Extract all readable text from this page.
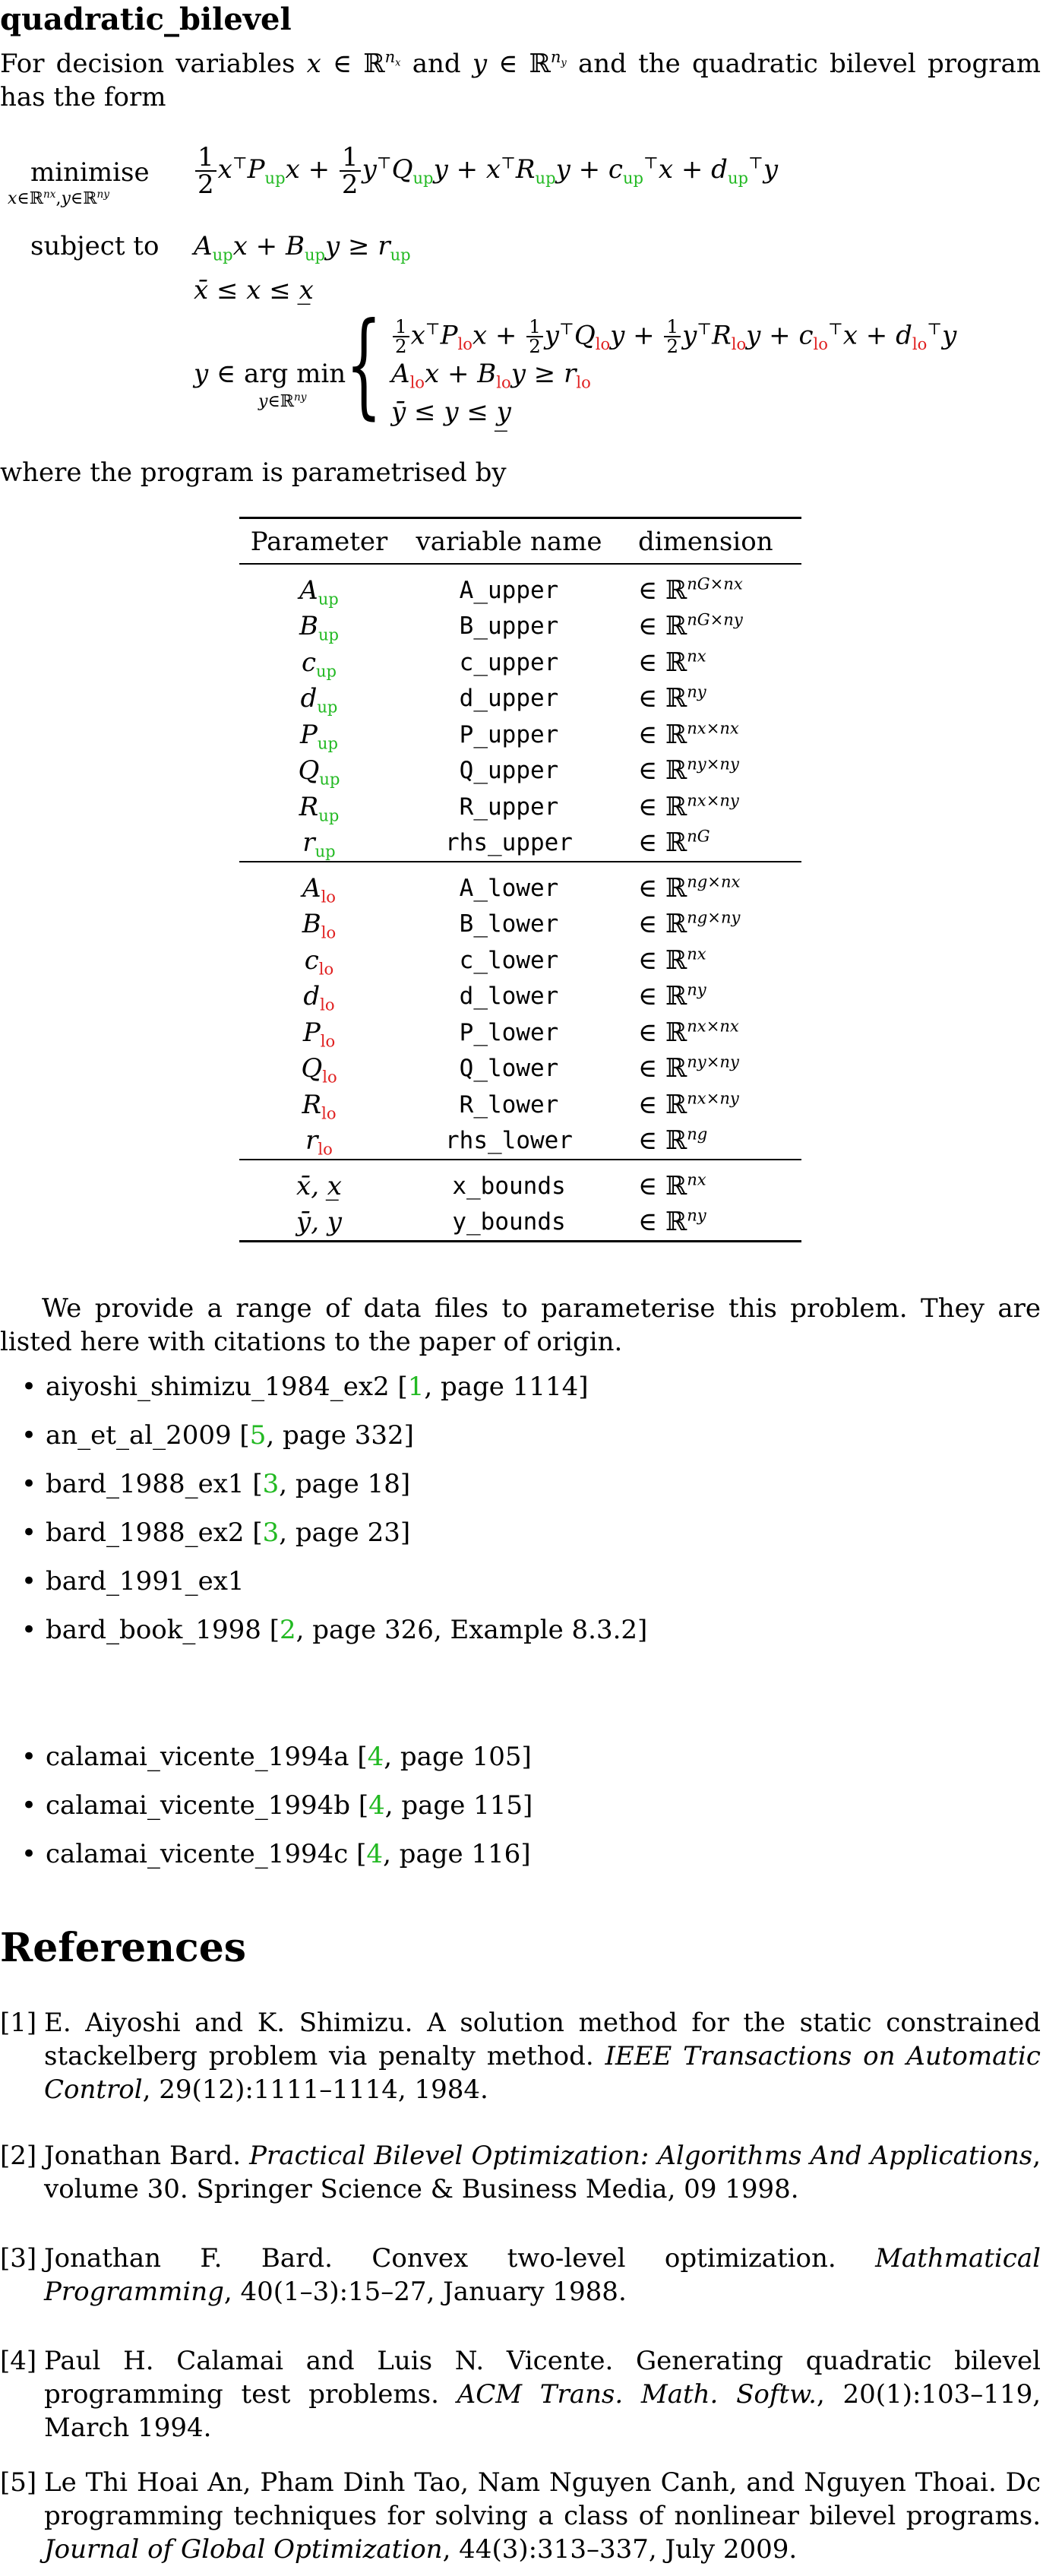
quadratic_bilevel
For decision variables x ∈ ℝ$^{n_x}$ and y ∈ ℝ$^{n_y}$ and the quadratic bilevel program has the form
minimise
x∈ℝ$^{nx}$,y∈ℝ$^{ny}$	$\frac{1}{2} x^⊤P_{up}x + \frac{1}{2} y^⊤Q_{up}y + x^⊤R_{up}y + c_{up}^⊤x + d_{up}^⊤y$
subject to $A_{up}x + B_{up}y \ge r_{up}$
x̄ ≤ x ≤ x̲
y ∈ arg min
y∈ℝ$^{ny}$ { $\frac{1}{2} x^⊤P_{lo}x + \frac{1}{2} y^⊤Q_{lo}y + \frac{1}{2} y^⊤R_{lo}y + c_{lo}^⊤x + d_{lo}^⊤y$
$A_{lo}x + B_{lo}y \ge r_{lo}$
ȳ ≤ y ≤ y̲
where the program is parametrised by
Parameter	variable name	dimension
$A_{up}$	A_upper	∈ ℝ$^{nG\times nx}$
$B_{up}$	B_upper	∈ ℝ$^{nG\times ny}$
$c_{up}$	c_upper	∈ ℝ$^{nx}$
$d_{up}$	d_upper	∈ ℝ$^{ny}$
$P_{up}$	P_upper	∈ ℝ$^{nx\times nx}$
$Q_{up}$	Q_upper	∈ ℝ$^{ny\times ny}$
$R_{up}$	R_upper	∈ ℝ$^{nx\times ny}$
$r_{up}$	rhs_upper	∈ ℝ$^{nG}$
$A_{lo}$	A_lower	∈ ℝ$^{ng\times nx}$
$B_{lo}$	B_lower	∈ ℝ$^{ng\times ny}$
$c_{lo}$	c_lower	∈ ℝ$^{nx}$
$d_{lo}$	d_lower	∈ ℝ$^{ny}$
$P_{lo}$	P_lower	∈ ℝ$^{nx\times nx}$
$Q_{lo}$	Q_lower	∈ ℝ$^{ny\times ny}$
$R_{lo}$	R_lower	∈ ℝ$^{nx\times ny}$
$r_{lo}$	rhs_lower	∈ ℝ$^{ng}$
x̄, x̲	x_bounds	∈ ℝ$^{nx}$
ȳ, y̲	y_bounds	∈ ℝ$^{ny}$
We provide a range of data files to parameterise this problem. They are listed here with citations to the paper of origin.
• aiyoshi_shimizu_1984_ex2 [1, page 1114]
• an_et_al_2009 [5, page 332]
• bard_1988_ex1 [3, page 18]
• bard_1988_ex2 [3, page 23]
• bard_1991_ex1
• bard_book_1998 [2, page 326, Example 8.3.2]
• calamai_vicente_1994a [4, page 105]
• calamai_vicente_1994b [4, page 115]
• calamai_vicente_1994c [4, page 116]
References
[1] E. Aiyoshi and K. Shimizu. A solution method for the static constrained stackelberg problem via penalty method. IEEE Transactions on Automatic Control, 29(12):1111–1114, 1984.
[2] Jonathan Bard. Practical Bilevel Optimization: Algorithms And Applications, volume 30. Springer Science & Business Media, 09 1998.
[3] Jonathan F. Bard. Convex two-level optimization. Mathmatical Programming, 40(1–3):15–27, January 1988.
[4] Paul H. Calamai and Luis N. Vicente. Generating quadratic bilevel programming test problems. ACM Trans. Math. Softw., 20(1):103–119, March 1994.
[5] Le Thi Hoai An, Pham Dinh Tao, Nam Nguyen Canh, and Nguyen Thoai. Dc programming techniques for solving a class of nonlinear bilevel programs. Journal of Global Optimization, 44(3):313–337, July 2009.
